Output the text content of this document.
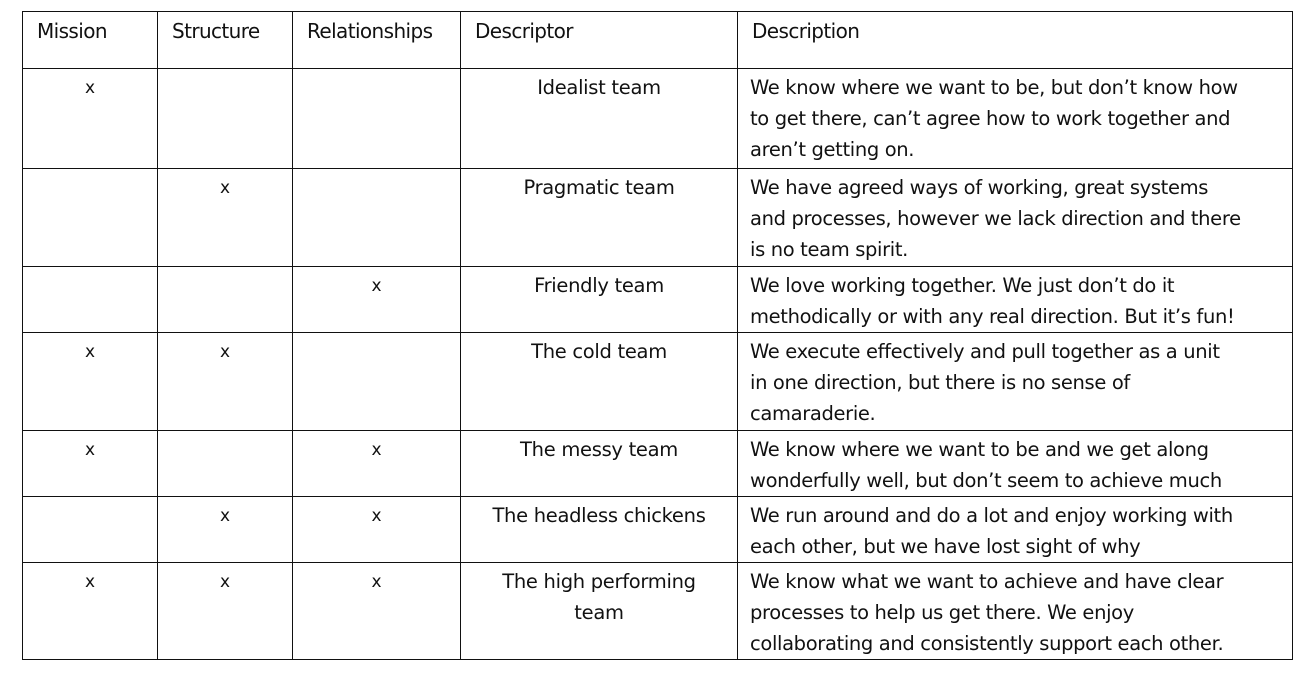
Mission	Structure	Relationships	Descriptor	Description
x			Idealist team	We know where we want to be, but don’t know how
to get there, can’t agree how to work together and
aren’t getting on.

	x		Pragmatic team	We have agreed ways of working, great systems
and processes, however we lack direction and there
is no team spirit.

		x	Friendly team	We love working together. We just don’t do it
methodically or with any real direction. But it’s fun!

x	x		The cold team	We execute effectively and pull together as a unit
in one direction, but there is no sense of
camaraderie.

x		x	The messy team	We know where we want to be and we get along
wonderfully well, but don’t seem to achieve much

	x	x	The headless chickens	We run around and do a lot and enjoy working with
each other, but we have lost sight of why

x	x	x	The high performing
team	We know what we want to achieve and have clear
processes to help us get there. We enjoy
collaborating and consistently support each other.
